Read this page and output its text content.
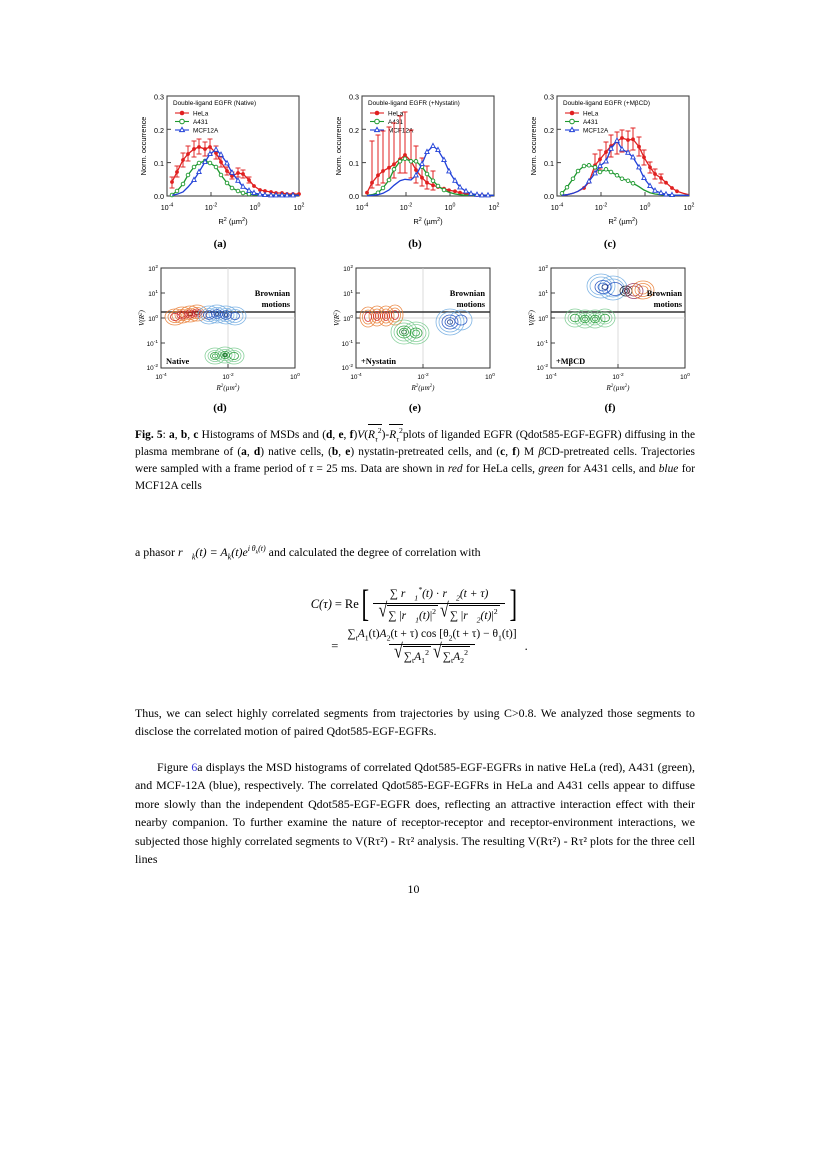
0.3
0.2
0.1
0.0
$10^{-4}$	$10^{-2}$	$10^0$	$10^2$
$R^2$ (µm$^2$)
Norm. occurrence
Double-ligand EGFR (Native)
HeLa
A431
MCF12A
(a)
0.3
0.2
0.1
0.0
$10^{-4}$	$10^{-2}$	$10^0$	$10^2$
$R^2$ (µm$^2$)
Norm. occurrence
Double-ligand EGFR (+Nystatin)
HeLa
A431
MCF12A
(b)
0.3
0.2
0.1
0.0
$10^{-4}$	$10^{-2}$	$10^0$	$10^2$
$R^2$ (µm$^2$)
Norm. occurrence
Double-ligand EGFR (+MβCD)
HeLa
A431
MCF12A
(c)
$10^2$
$10^1$
$10^0$
$10^{-1}$
$10^{-2}$
$10^{-4}$	$10^{-2}$	$10^0$
$R^2(\mu m^2)$
$V(R^2)$
Brownian
motions
Native
(d)
$10^2$
$10^1$
$10^0$
$10^{-1}$
$10^{-2}$
$10^{-4}$	$10^{-2}$	$10^0$
$R^2(\mu m^2)$
$V(R^2)$
Brownian
motions
+Nystatin
(e)
$10^2$
$10^1$
$10^0$
$10^{-1}$
$10^{-2}$
$10^{-4}$	$10^{-2}$	$10^0$
$R^2(\mu m^2)$
$V(R^2)$
Brownian
motions
+MβCD
(f)
Fig. 5: a, b, c Histograms of MSDs and (d, e, $f)V(R_\tau^2)-R_\tau^2plots$ of liganded EGFR (Qdot585-EGF-EGFR) diffusing in the plasma membrane of (a, d) native cells, (b, e) nystatin-pretreated cells, and (c, f) M βCD-pretreated cells. Trajectories were sampled with a frame period of τ = 25 ms. Data are shown in red for HeLa cells, green for A431 cells, and blue for MCF12A cells
a phasor $r⃗_k(t) = A_k(t)e^{i \theta_k(t)}$ and calculated the degree of correlation with
C(τ) = Re [ $\frac{\sum r⃗_1^*(t) \cdot r⃗_2(t + \tau)}{√ \sum |r⃗_1(t)|^2 √ \sum |r⃗_2(t)|^2}$ ]
= $\frac{\sum_tA_1(t)A_2(t + \tau) \cos [\theta_2(t + \tau) - \theta_1(t)]}{√ \sum_tA_1^2 √ \sum_tA_2^2}$ .
Thus, we can select highly correlated segments from trajectories by using C>0.8. We analyzed those segments to disclose the correlated motion of paired Qdot585-EGF-EGFRs.
Figure 6a displays the MSD histograms of correlated Qdot585-EGF-EGFRs in native HeLa (red), A431 (green), and MCF-12A (blue), respectively. The correlated Qdot585-EGF-EGFRs in HeLa and A431 cells appear to diffuse more slowly than the independent Qdot585-EGF-EGFR does, reflecting an attractive interaction effect with their nearby companion. To further examine the nature of receptor-receptor and receptor-environment interactions, we subjected those highly correlated segments to V(Rτ²) - Rτ² analysis. The resulting V(Rτ²) - Rτ² plots for the three cell lines
10
